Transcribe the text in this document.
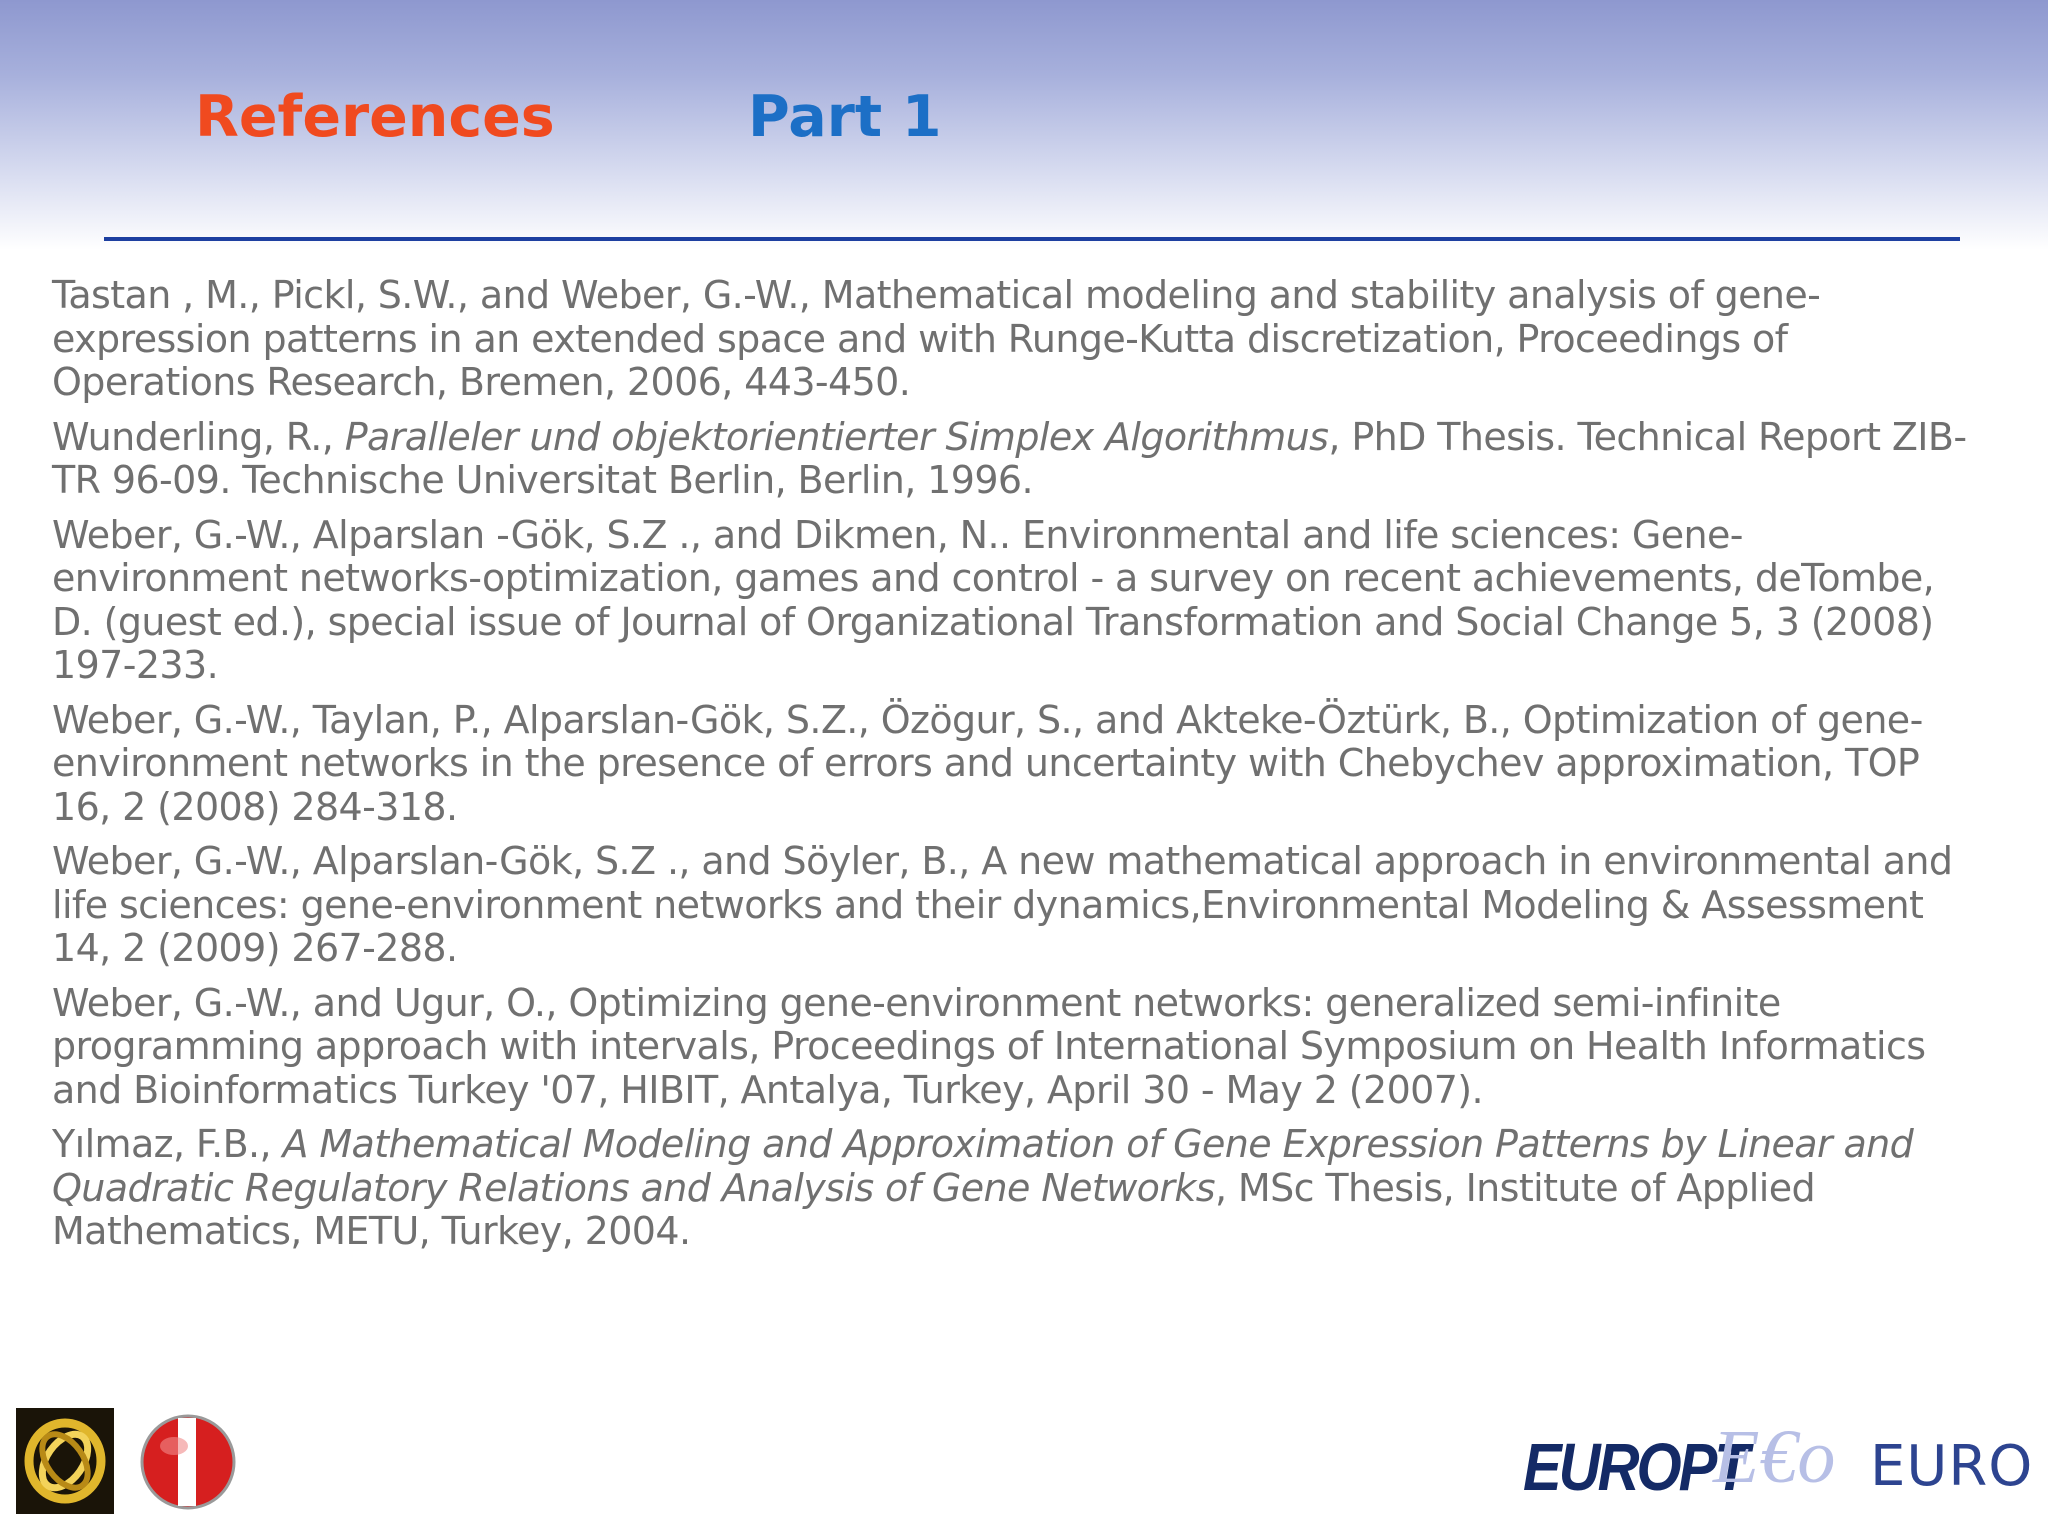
References	Part 1

Tastan , M., Pickl, S.W., and Weber, G.-W., Mathematical modeling and stability analysis of gene-expression patterns in an extended space and with Runge-Kutta discretization, Proceedings of Operations Research, Bremen, 2006, 443-450.

Wunderling, R., Paralleler und objektorientierter Simplex Algorithmus, PhD Thesis. Technical Report ZIB-TR 96-09. Technische Universitat Berlin, Berlin, 1996.

Weber, G.-W., Alparslan -Gök, S.Z ., and Dikmen, N.. Environmental and life sciences: Gene-environment networks-optimization, games and control - a survey on recent achievements, deTombe, D. (guest ed.), special issue of Journal of Organizational Transformation and Social Change 5, 3 (2008) 197-233.

Weber, G.-W., Taylan, P., Alparslan-Gök, S.Z., Özögur, S., and Akteke-Öztürk, B., Optimization of gene-environment networks in the presence of errors and uncertainty with Chebychev approximation, TOP 16, 2 (2008) 284-318.

Weber, G.-W., Alparslan-Gök, S.Z ., and Söyler, B., A new mathematical approach in environmental and life sciences: gene-environment networks and their dynamics,Environmental Modeling & Assessment 14, 2 (2009) 267-288.

Weber, G.-W., and Ugur, O., Optimizing gene-environment networks: generalized semi-infinite programming approach with intervals, Proceedings of International Symposium on Health Informatics and Bioinformatics Turkey '07, HIBIT, Antalya, Turkey, April 30 - May 2 (2007).

Yılmaz, F.B., A Mathematical Modeling and Approximation of Gene Expression Patterns by Linear and Quadratic Regulatory Relations and Analysis of Gene Networks, MSc Thesis, Institute of Applied Mathematics, METU, Turkey, 2004.

EUROPT
E€o EURO
